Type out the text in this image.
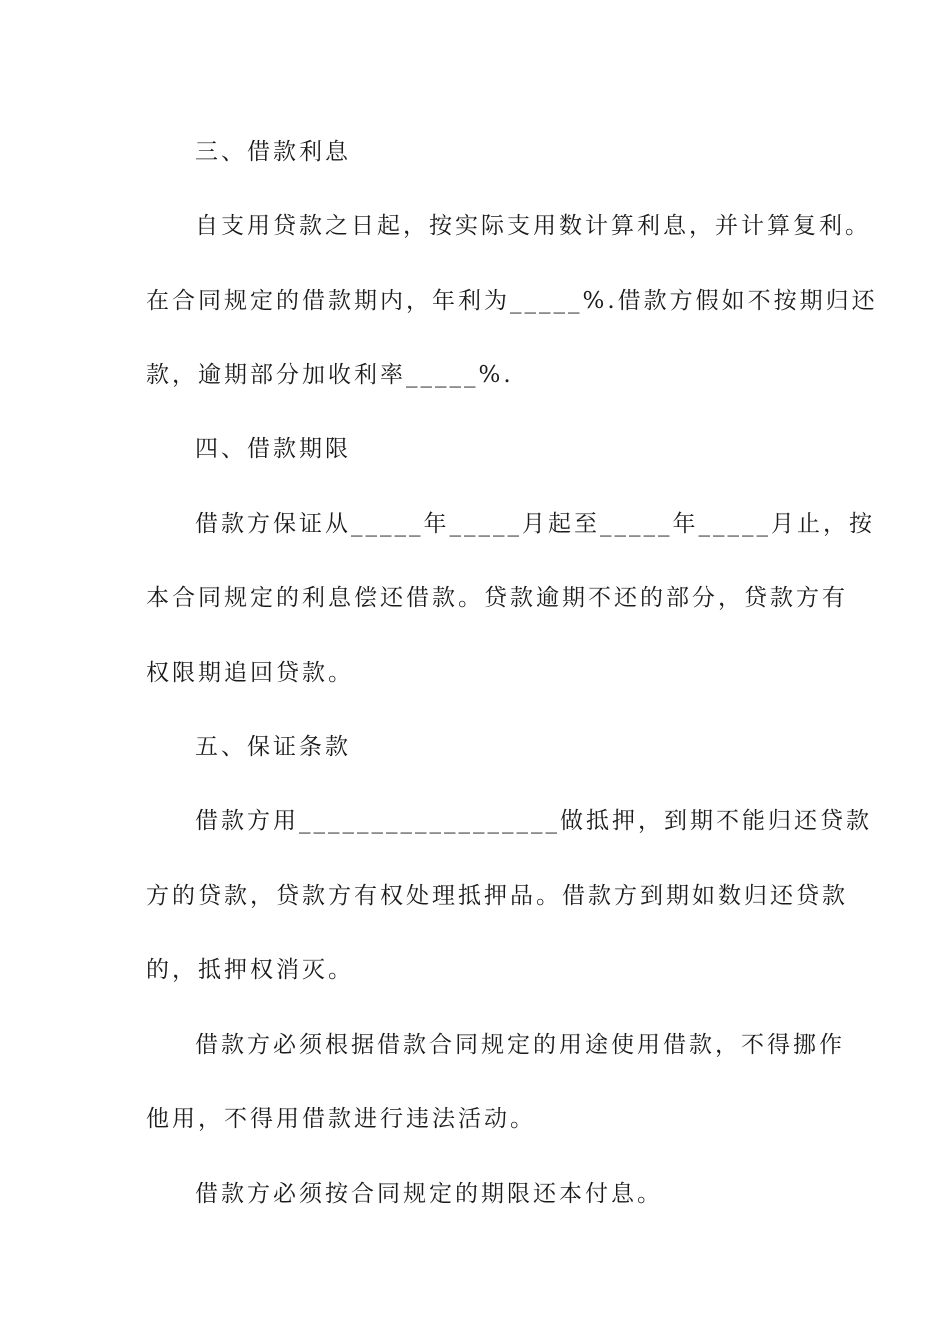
三、借款利息
自支用贷款之日起，按实际支用数计算利息，并计算复利。
在合同规定的借款期内，年利为_____%.借款方假如不按期归还
款，逾期部分加收利率_____%.
四、借款期限
借款方保证从_____年_____月起至_____年_____月止，按
本合同规定的利息偿还借款。贷款逾期不还的部分，贷款方有
权限期追回贷款。
五、保证条款
借款方用__________________做抵押，到期不能归还贷款
方的贷款，贷款方有权处理抵押品。借款方到期如数归还贷款
的，抵押权消灭。
借款方必须根据借款合同规定的用途使用借款，不得挪作
他用，不得用借款进行违法活动。
借款方必须按合同规定的期限还本付息。
